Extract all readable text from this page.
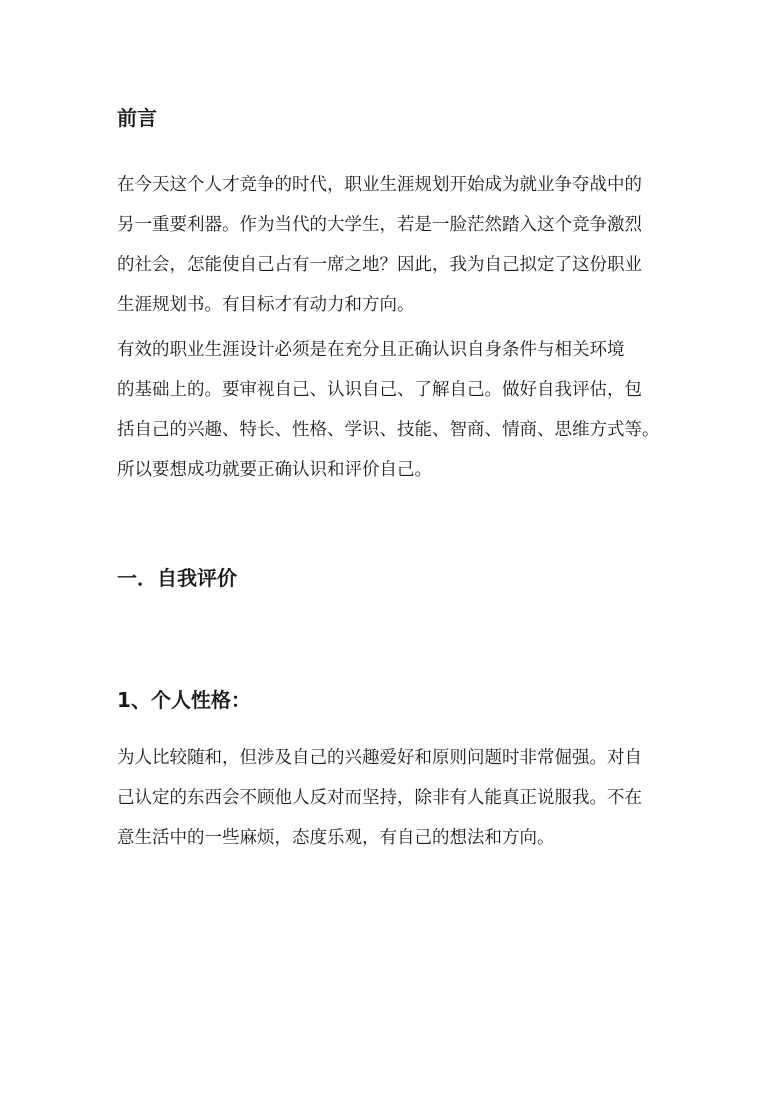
前言
在今天这个人才竞争的时代，职业生涯规划开始成为就业争夺战中的
另一重要利器。作为当代的大学生，若是一脸茫然踏入这个竞争激烈
的社会，怎能使自己占有一席之地？因此，我为自己拟定了这份职业
生涯规划书。有目标才有动力和方向。
有效的职业生涯设计必须是在充分且正确认识自身条件与相关环境
的基础上的。要审视自己、认识自己、了解自己。做好自我评估，包
括自己的兴趣、特长、性格、学识、技能、智商、情商、思维方式等。
所以要想成功就要正确认识和评价自己。
一．自我评价
1、个人性格：
为人比较随和，但涉及自己的兴趣爱好和原则问题时非常倔强。对自
己认定的东西会不顾他人反对而坚持，除非有人能真正说服我。不在
意生活中的一些麻烦，态度乐观，有自己的想法和方向。
